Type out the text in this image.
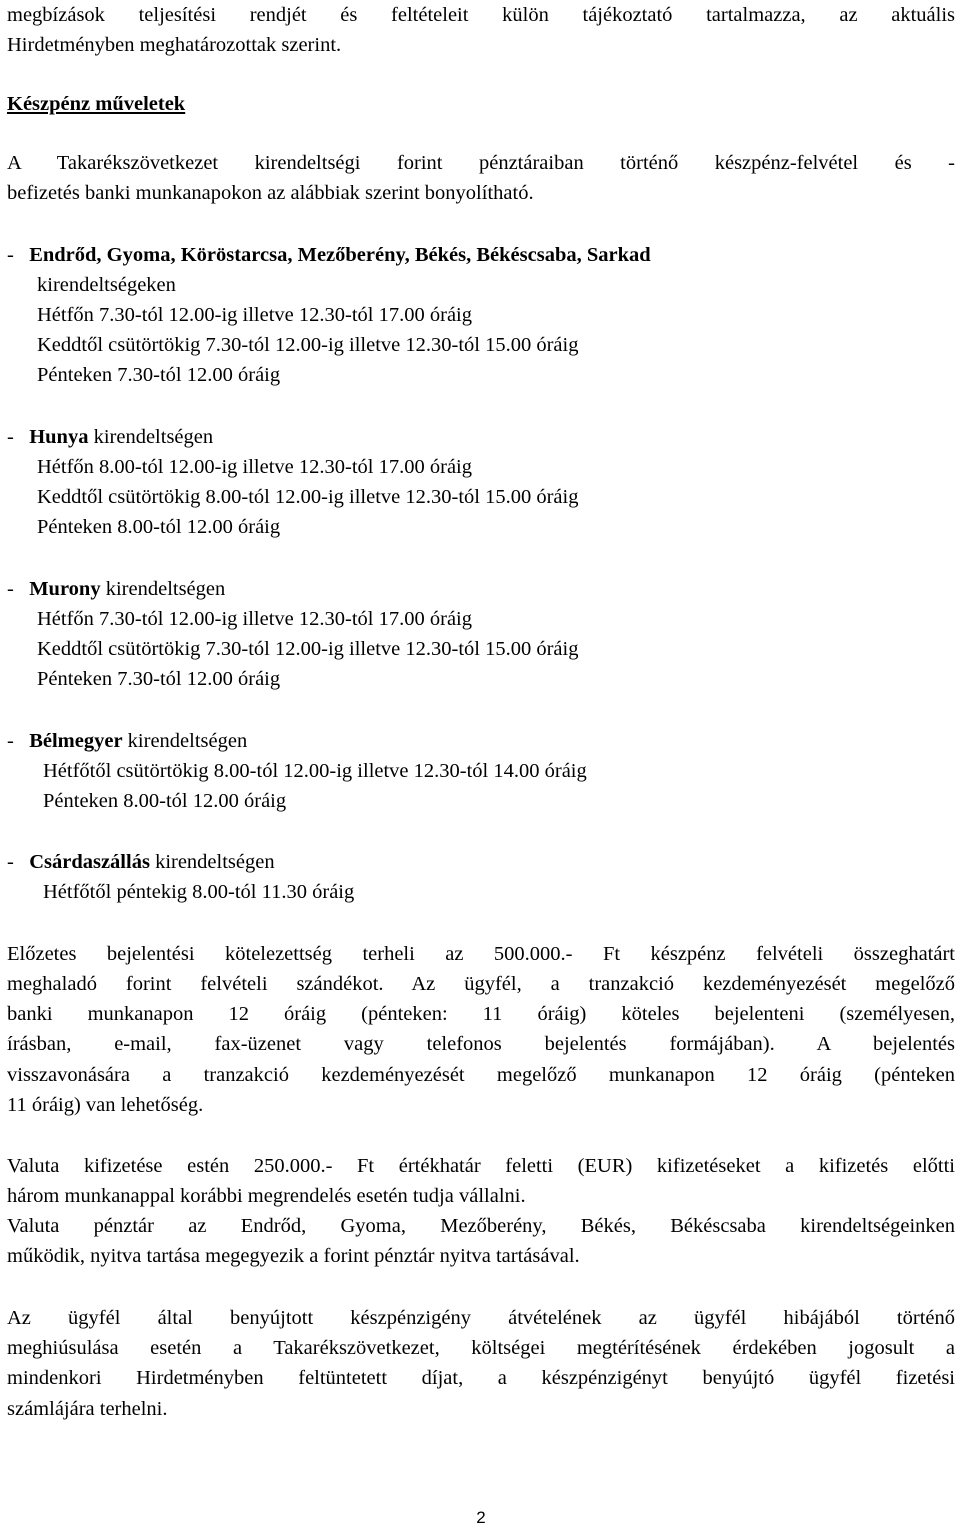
megbízások teljesítési rendjét és feltételeit külön tájékoztató tartalmazza, az aktuális
Hirdetményben meghatározottak szerint.
Készpénz műveletek
A Takarékszövetkezet kirendeltségi forint pénztáraiban történő készpénz-felvétel és -
befizetés banki munkanapokon az alábbiak szerint bonyolítható.
- Endrőd, Gyoma, Köröstarcsa, Mezőberény, Békés, Békéscsaba, Sarkad
kirendeltségeken
Hétfőn 7.30-tól 12.00-ig illetve 12.30-tól 17.00 óráig
Keddtől csütörtökig 7.30-tól 12.00-ig illetve 12.30-tól 15.00 óráig
Pénteken 7.30-tól 12.00 óráig
- Hunya kirendeltségen
Hétfőn 8.00-tól 12.00-ig illetve 12.30-tól 17.00 óráig
Keddtől csütörtökig 8.00-tól 12.00-ig illetve 12.30-tól 15.00 óráig
Pénteken 8.00-tól 12.00 óráig
- Murony kirendeltségen
Hétfőn 7.30-tól 12.00-ig illetve 12.30-tól 17.00 óráig
Keddtől csütörtökig 7.30-tól 12.00-ig illetve 12.30-tól 15.00 óráig
Pénteken 7.30-tól 12.00 óráig
- Bélmegyer kirendeltségen
Hétfőtől csütörtökig 8.00-tól 12.00-ig illetve 12.30-tól 14.00 óráig
Pénteken 8.00-tól 12.00 óráig
- Csárdaszállás kirendeltségen
Hétfőtől péntekig 8.00-tól 11.30 óráig
Előzetes bejelentési kötelezettség terheli az 500.000.- Ft készpénz felvételi összeghatárt
meghaladó forint felvételi szándékot. Az ügyfél, a tranzakció kezdeményezését megelőző
banki munkanapon 12 óráig (pénteken: 11 óráig) köteles bejelenteni (személyesen,
írásban, e-mail, fax-üzenet vagy telefonos bejelentés formájában). A bejelentés
visszavonására a tranzakció kezdeményezését megelőző munkanapon 12 óráig (pénteken
11 óráig) van lehetőség.
Valuta kifizetése estén 250.000.- Ft értékhatár feletti (EUR) kifizetéseket a kifizetés előtti
három munkanappal korábbi megrendelés esetén tudja vállalni.
Valuta pénztár az Endrőd, Gyoma, Mezőberény, Békés, Békéscsaba kirendeltségeinken
működik, nyitva tartása megegyezik a forint pénztár nyitva tartásával.
Az ügyfél által benyújtott készpénzigény átvételének az ügyfél hibájából történő
meghiúsulása esetén a Takarékszövetkezet, költségei megtérítésének érdekében jogosult a
mindenkori Hirdetményben feltüntetett díjat, a készpénzigényt benyújtó ügyfél fizetési
számlájára terhelni.
2
